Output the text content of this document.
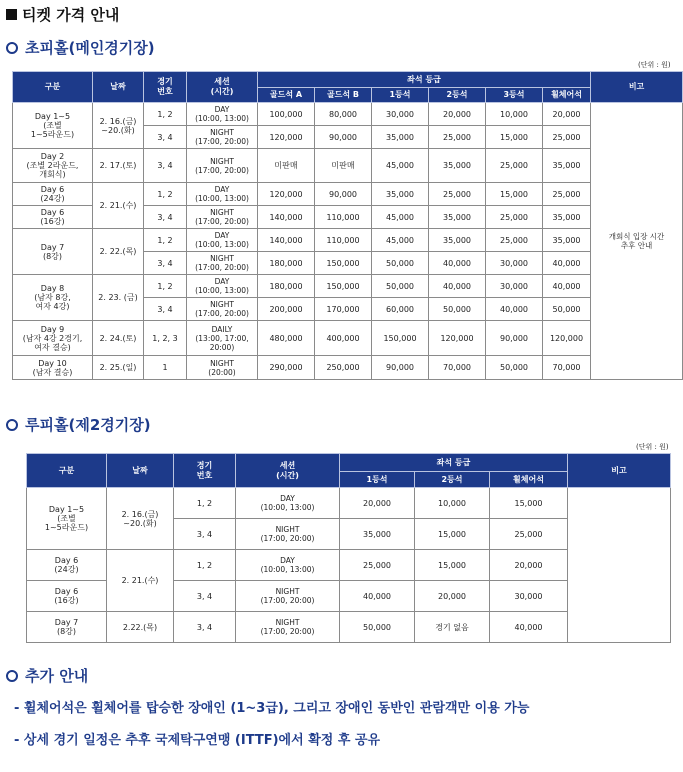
티켓 가격 안내
초피홀(메인경기장)
(단위 : 원)
구분	날짜	경기
번호	세션
(시간)	좌석 등급						비고
				골드석 A	골드석 B	1등석	2등석	3등석	휠체어석	
Day 1~5
(조별
1~5라운드)	2. 16.(금)
~20.(화)	1, 2	DAY
(10:00, 13:00)	100,000	80,000	30,000	20,000	10,000	20,000	개회식 입장 시간
추후 안내
		3, 4	NIGHT
(17:00, 20:00)	120,000	90,000	35,000	25,000	15,000	25,000	
Day 2
(조별 2라운드,
개회식)	2. 17.(토)	3, 4	NIGHT
(17:00, 20:00)	미판매	미판매	45,000	35,000	25,000	35,000	
Day 6
(24강)	2. 21.(수)	1, 2	DAY
(10:00, 13:00)	120,000	90,000	35,000	25,000	15,000	25,000	
Day 6
(16강)		3, 4	NIGHT
(17:00, 20:00)	140,000	110,000	45,000	35,000	25,000	35,000	
Day 7
(8강)	2. 22.(목)	1, 2	DAY
(10:00, 13:00)	140,000	110,000	45,000	35,000	25,000	35,000	
		3, 4	NIGHT
(17:00, 20:00)	180,000	150,000	50,000	40,000	30,000	40,000	
Day 8
(남자 8강,
여자 4강)	2. 23. (금)	1, 2	DAY
(10:00, 13:00)	180,000	150,000	50,000	40,000	30,000	40,000	
		3, 4	NIGHT
(17:00, 20:00)	200,000	170,000	60,000	50,000	40,000	50,000	
Day 9
(남자 4강 2경기,
여자 결승)	2. 24.(토)	1, 2, 3	DAILY
(13:00, 17:00,
20:00)	480,000	400,000	150,000	120,000	90,000	120,000	
Day 10
(남자 결승)	2. 25.(일)	1	NIGHT
(20:00)	290,000	250,000	90,000	70,000	50,000	70,000	
루피홀(제2경기장)
(단위 : 원)
구분	날짜	경기
번호	세션
(시간)	좌석 등급			비고
				1등석	2등석	휠체어석	
Day 1~5
(조별
1~5라운드)	2. 16.(금)
~20.(화)	1, 2	DAY
(10:00, 13:00)	20,000	10,000	15,000	
		3, 4	NIGHT
(17:00, 20:00)	35,000	15,000	25,000	
Day 6
(24강)	2. 21.(수)	1, 2	DAY
(10:00, 13:00)	25,000	15,000	20,000	
Day 6
(16강)		3, 4	NIGHT
(17:00, 20:00)	40,000	20,000	30,000	
Day 7
(8강)	2.22.(목)	3, 4	NIGHT
(17:00, 20:00)	50,000	경기 없음	40,000	
추가 안내
- 휠체어석은 휠체어를 탑승한 장애인 (1~3급), 그리고 장애인 동반인 관람객만 이용 가능
- 상세 경기 일정은 추후 국제탁구연맹 (ITTF)에서 확정 후 공유
